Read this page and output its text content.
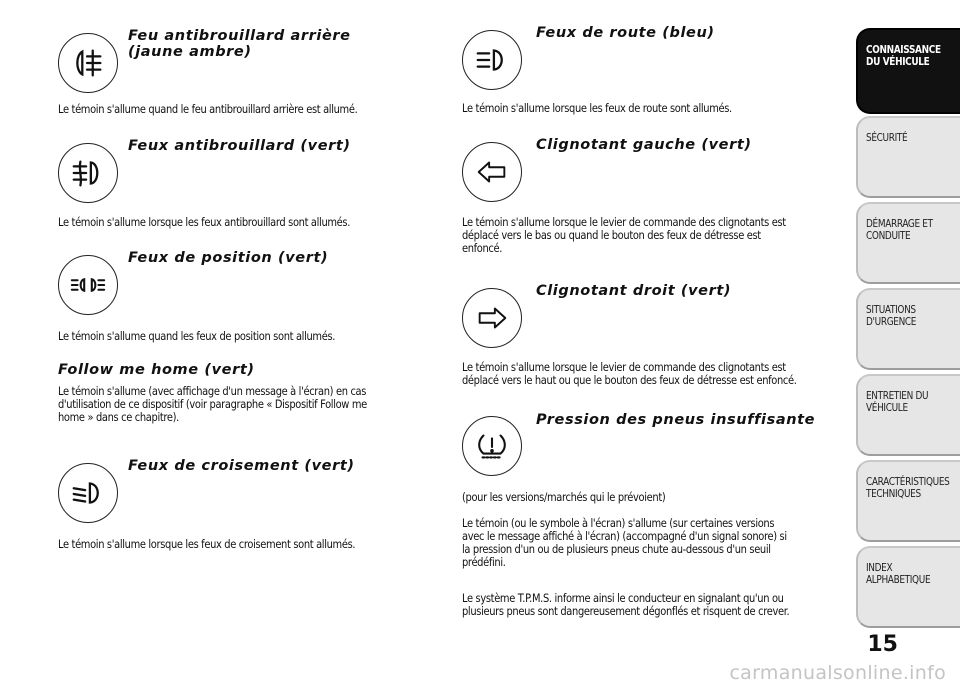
Feu antibrouillard arrière
(jaune ambre)
Le témoin s'allume quand le feu antibrouillard arrière est allumé.
Feux antibrouillard (vert)
Le témoin s'allume lorsque les feux antibrouillard sont allumés.
Feux de position (vert)
Le témoin s'allume quand les feux de position sont allumés.
Follow me home (vert)
Le témoin s'allume (avec affichage d'un message à l'écran) en cas
d'utilisation de ce dispositif (voir paragraphe « Dispositif Follow me
home » dans ce chapitre).
Feux de croisement (vert)
Le témoin s'allume lorsque les feux de croisement sont allumés.
Feux de route (bleu)
Le témoin s'allume lorsque les feux de route sont allumés.
Clignotant gauche (vert)
Le témoin s'allume lorsque le levier de commande des clignotants est
déplacé vers le bas ou quand le bouton des feux de détresse est
enfoncé.
Clignotant droit (vert)
Le témoin s'allume lorsque le levier de commande des clignotants est
déplacé vers le haut ou que le bouton des feux de détresse est enfoncé.
Pression des pneus insuffisante
(pour les versions/marchés qui le prévoient)
Le témoin (ou le symbole à l'écran) s'allume (sur certaines versions
avec le message affiché à l'écran) (accompagné d'un signal sonore) si
la pression d'un ou de plusieurs pneus chute au-dessous d'un seuil
prédéfini.
Le système T.P.M.S. informe ainsi le conducteur en signalant qu'un ou
plusieurs pneus sont dangereusement dégonflés et risquent de crever.
CONNAISSANCE
DU VÉHICULE
SÉCURITÉ
DÉMARRAGE ET
CONDUITE
SITUATIONS
D'URGENCE
ENTRETIEN DU
VÉHICULE
CARACTÉRISTIQUES
TECHNIQUES
INDEX
ALPHABETIQUE
15
carmanualsonline.info
